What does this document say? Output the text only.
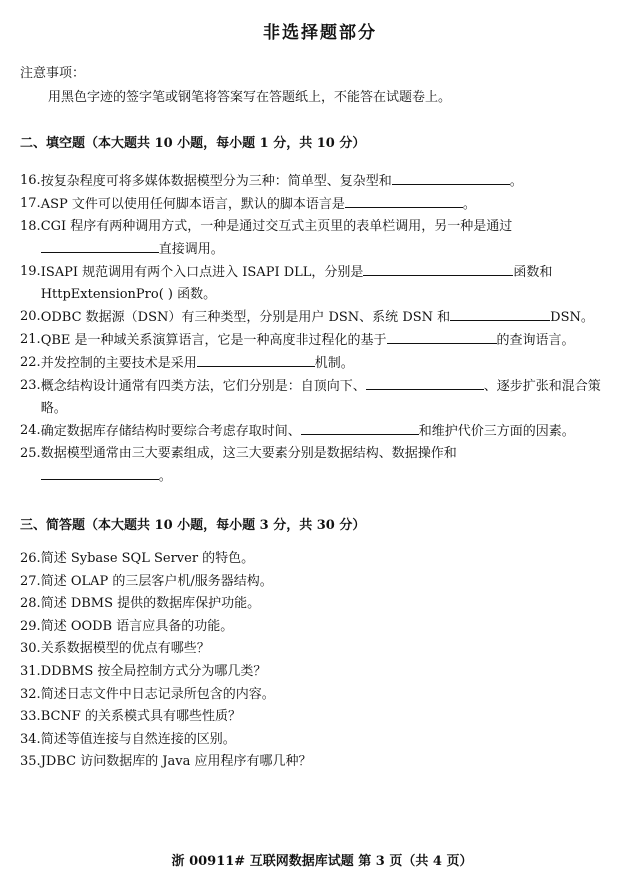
非选择题部分
注意事项：
用黑色字迹的签字笔或钢笔将答案写在答题纸上，不能答在试题卷上。
二、填空题（本大题共 10 小题，每小题 1 分，共 10 分）
16. 按复杂程度可将多媒体数据模型分为三种：简单型、复杂型和	。
17. ASP 文件可以使用任何脚本语言，默认的脚本语言是	。
18. CGI 程序有两种调用方式，一种是通过交互式主页里的表单栏调用，另一种是通过
直接调用。
19. ISAPI 规范调用有两个入口点进入 ISAPI DLL，分别是	函数和 HttpExtensionPro( ) 函数。
20. ODBC 数据源（DSN）有三种类型，分别是用户 DSN、系统 DSN 和	DSN。
21. QBE 是一种域关系演算语言，它是一种高度非过程化的基于	的查询语言。
22. 并发控制的主要技术是采用	机制。
23. 概念结构设计通常有四类方法，它们分别是：自顶向下、	、逐步扩张和混合策略。
24. 确定数据库存储结构时要综合考虑存取时间、	和维护代价三方面的因素。
25. 数据模型通常由三大要素组成，这三大要素分别是数据结构、数据操作和
。
三、简答题（本大题共 10 小题，每小题 3 分，共 30 分）
26. 简述 Sybase SQL Server 的特色。
27. 简述 OLAP 的三层客户机/服务器结构。
28. 简述 DBMS 提供的数据库保护功能。
29. 简述 OODB 语言应具备的功能。
30. 关系数据模型的优点有哪些？
31. DDBMS 按全局控制方式分为哪几类？
32. 简述日志文件中日志记录所包含的内容。
33. BCNF 的关系模式具有哪些性质？
34. 简述等值连接与自然连接的区别。
35. JDBC 访问数据库的 Java 应用程序有哪几种？
浙 00911# 互联网数据库试题 第 3 页（共 4 页）
